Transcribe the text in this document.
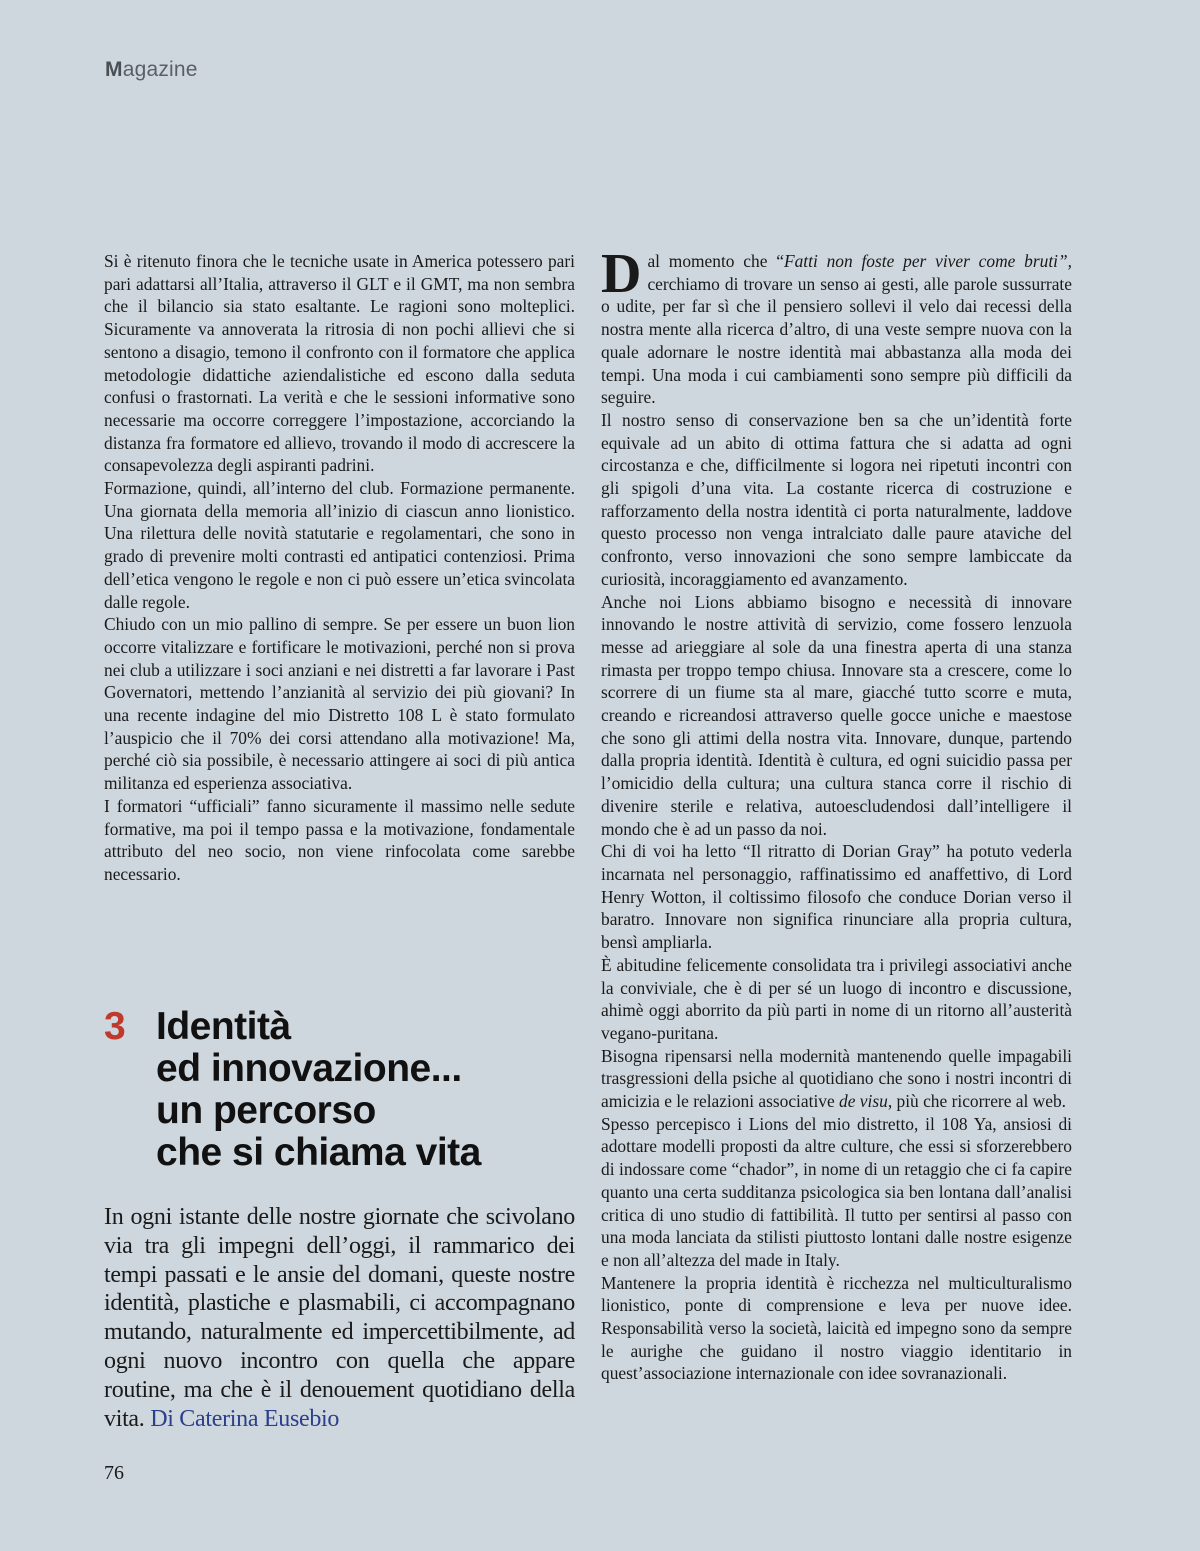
Magazine

Si è ritenuto finora che le tecniche usate in America potessero pari pari adattarsi all’Italia, attraverso il GLT e il GMT, ma non sembra che il bilancio sia stato esaltante. Le ragioni sono molteplici. Sicuramente va annoverata la ritrosia di non pochi allievi che si sentono a disagio, temono il confronto con il formatore che applica metodologie didattiche aziendalistiche ed escono dalla seduta confusi o frastornati. La verità e che le sessioni informative sono necessarie ma occorre correggere l’impostazione, accorciando la distanza fra formatore ed allievo, trovando il modo di accrescere la consapevolezza degli aspiranti padrini.

Formazione, quindi, all’interno del club. Formazione permanente. Una giornata della memoria all’inizio di ciascun anno lionistico. Una rilettura delle novità statutarie e regolamentari, che sono in grado di prevenire molti contrasti ed antipatici contenziosi. Prima dell’etica vengono le regole e non ci può essere un’etica svincolata dalle regole.

Chiudo con un mio pallino di sempre. Se per essere un buon lion occorre vitalizzare e fortificare le motivazioni, perché non si prova nei club a utilizzare i soci anziani e nei distretti a far lavorare i Past Governatori, mettendo l’anzianità al servizio dei più giovani? In una recente indagine del mio Distretto 108 L è stato formulato l’auspicio che il 70% dei corsi attendano alla motivazione! Ma, perché ciò sia possibile, è necessario attingere ai soci di più antica militanza ed esperienza associativa.

I formatori “ufficiali” fanno sicuramente il massimo nelle sedute formative, ma poi il tempo passa e la motivazione, fondamentale attributo del neo socio, non viene rinfocolata come sarebbe necessario.

3 Identità
ed innovazione...
un percorso
che si chiama vita
In ogni istante delle nostre giornate che scivolano via tra gli impegni dell’oggi, il rammarico dei tempi passati e le ansie del domani, queste nostre identità, plastiche e plasmabili, ci accompagnano mutando, naturalmente ed impercettibilmente, ad ogni nuovo incontro con quella che appare routine, ma che è il denouement quotidiano della vita. Di Caterina Eusebio

Dal momento che “Fatti non foste per viver come bruti”, cerchiamo di trovare un senso ai gesti, alle parole sussurrate o udite, per far sì che il pensiero sollevi il velo dai recessi della nostra mente alla ricerca d’altro, di una veste sempre nuova con la quale adornare le nostre identità mai abbastanza alla moda dei tempi. Una moda i cui cambiamenti sono sempre più difficili da seguire.

Il nostro senso di conservazione ben sa che un’identità forte equivale ad un abito di ottima fattura che si adatta ad ogni circostanza e che, difficilmente si logora nei ripetuti incontri con gli spigoli d’una vita. La costante ricerca di costruzione e rafforzamento della nostra identità ci porta naturalmente, laddove questo processo non venga intralciato dalle paure ataviche del confronto, verso innovazioni che sono sempre lambiccate da curiosità, incoraggiamento ed avanzamento.

Anche noi Lions abbiamo bisogno e necessità di innovare innovando le nostre attività di servizio, come fossero lenzuola messe ad arieggiare al sole da una finestra aperta di una stanza rimasta per troppo tempo chiusa. Innovare sta a crescere, come lo scorrere di un fiume sta al mare, giacché tutto scorre e muta, creando e ricreandosi attraverso quelle gocce uniche e maestose che sono gli attimi della nostra vita. Innovare, dunque, partendo dalla propria identità. Identità è cultura, ed ogni suicidio passa per l’omicidio della cultura; una cultura stanca corre il rischio di divenire sterile e relativa, autoescludendosi dall’intelligere il mondo che è ad un passo da noi.

Chi di voi ha letto “Il ritratto di Dorian Gray” ha potuto vederla incarnata nel personaggio, raffinatissimo ed anaffettivo, di Lord Henry Wotton, il coltissimo filosofo che conduce Dorian verso il baratro. Innovare non significa rinunciare alla propria cultura, bensì ampliarla.

È abitudine felicemente consolidata tra i privilegi associativi anche la conviviale, che è di per sé un luogo di incontro e discussione, ahimè oggi aborrito da più parti in nome di un ritorno all’austerità vegano-puritana.

Bisogna ripensarsi nella modernità mantenendo quelle impagabili trasgressioni della psiche al quotidiano che sono i nostri incontri di amicizia e le relazioni associative de visu, più che ricorrere al web.

Spesso percepisco i Lions del mio distretto, il 108 Ya, ansiosi di adottare modelli proposti da altre culture, che essi si sforzerebbero di indossare come “chador”, in nome di un retaggio che ci fa capire quanto una certa sudditanza psicologica sia ben lontana dall’analisi critica di uno studio di fattibilità. Il tutto per sentirsi al passo con una moda lanciata da stilisti piuttosto lontani dalle nostre esigenze e non all’altezza del made in Italy.

Mantenere la propria identità è ricchezza nel multiculturalismo lionistico, ponte di comprensione e leva per nuove idee. Responsabilità verso la società, laicità ed impegno sono da sempre le aurighe che guidano il nostro viaggio identitario in quest’associazione internazionale con idee sovranazionali.

76
